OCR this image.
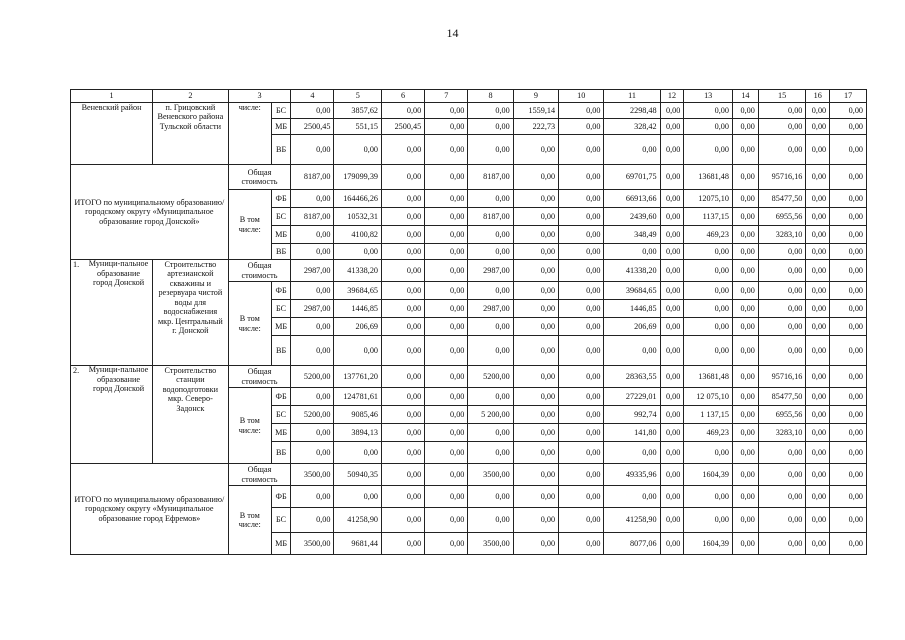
14
1	2	3		4	5	6	7	8	9	10	11	12	13	14	15	16	17
Веневский район	п. Грицовский Веневского района Тульской области	числе:	БС	0,00	3857,62	0,00	0,00	0,00	1559,14	0,00	2298,48	0,00	0,00	0,00	0,00	0,00	0,00
			МБ	2500,45	551,15	2500,45	0,00	0,00	222,73	0,00	328,42	0,00	0,00	0,00	0,00	0,00	0,00
			ВБ	0,00	0,00	0,00	0,00	0,00	0,00	0,00	0,00	0,00	0,00	0,00	0,00	0,00	0,00
ИТОГО по муниципальному образованию/городскому округу «Муниципальное образование город Донской»		Общая стоимость		8187,00	179099,39	0,00	0,00	8187,00	0,00	0,00	69701,75	0,00	13681,48	0,00	95716,16	0,00	0,00
		В том числе:	ФБ	0,00	164466,26	0,00	0,00	0,00	0,00	0,00	66913,66	0,00	12075,10	0,00	85477,50	0,00	0,00
			БС	8187,00	10532,31	0,00	0,00	8187,00	0,00	0,00	2439,60	0,00	1137,15	0,00	6955,56	0,00	0,00
			МБ	0,00	4100,82	0,00	0,00	0,00	0,00	0,00	348,49	0,00	469,23	0,00	3283,10	0,00	0,00
			ВБ	0,00	0,00	0,00	0,00	0,00	0,00	0,00	0,00	0,00	0,00	0,00	0,00	0,00	0,00
1. Муници-пальное образование город Донской	Строительство артезианской скважины и резервуара чистой воды для водоснабжения мкр. Центральный г. Донской	Общая стоимость		2987,00	41338,20	0,00	0,00	2987,00	0,00	0,00	41338,20	0,00	0,00	0,00	0,00	0,00	0,00
		В том числе:	ФБ	0,00	39684,65	0,00	0,00	0,00	0,00	0,00	39684,65	0,00	0,00	0,00	0,00	0,00	0,00
			БС	2987,00	1446,85	0,00	0,00	2987,00	0,00	0,00	1446,85	0,00	0,00	0,00	0,00	0,00	0,00
			МБ	0,00	206,69	0,00	0,00	0,00	0,00	0,00	206,69	0,00	0,00	0,00	0,00	0,00	0,00
			ВБ	0,00	0,00	0,00	0,00	0,00	0,00	0,00	0,00	0,00	0,00	0,00	0,00	0,00	0,00
2. Муници-пальное образование город Донской	Строительство станции водоподготовки мкр. Северо-Задонск	Общая стоимость		5200,00	137761,20	0,00	0,00	5200,00	0,00	0,00	28363,55	0,00	13681,48	0,00	95716,16	0,00	0,00
		В том числе:	ФБ	0,00	124781,61	0,00	0,00	0,00	0,00	0,00	27229,01	0,00	12 075,10	0,00	85477,50	0,00	0,00
			БС	5200,00	9085,46	0,00	0,00	5 200,00	0,00	0,00	992,74	0,00	1 137,15	0,00	6955,56	0,00	0,00
			МБ	0,00	3894,13	0,00	0,00	0,00	0,00	0,00	141,80	0,00	469,23	0,00	3283,10	0,00	0,00
			ВБ	0,00	0,00	0,00	0,00	0,00	0,00	0,00	0,00	0,00	0,00	0,00	0,00	0,00	0,00
ИТОГО по муниципальному образованию/городскому округу «Муниципальное образование город Ефремов»		Общая стоимость		3500,00	50940,35	0,00	0,00	3500,00	0,00	0,00	49335,96	0,00	1604,39	0,00	0,00	0,00	0,00
		В том числе:	ФБ	0,00	0,00	0,00	0,00	0,00	0,00	0,00	0,00	0,00	0,00	0,00	0,00	0,00	0,00
			БС	0,00	41258,90	0,00	0,00	0,00	0,00	0,00	41258,90	0,00	0,00	0,00	0,00	0,00	0,00
			МБ	3500,00	9681,44	0,00	0,00	3500,00	0,00	0,00	8077,06	0,00	1604,39	0,00	0,00	0,00	0,00
